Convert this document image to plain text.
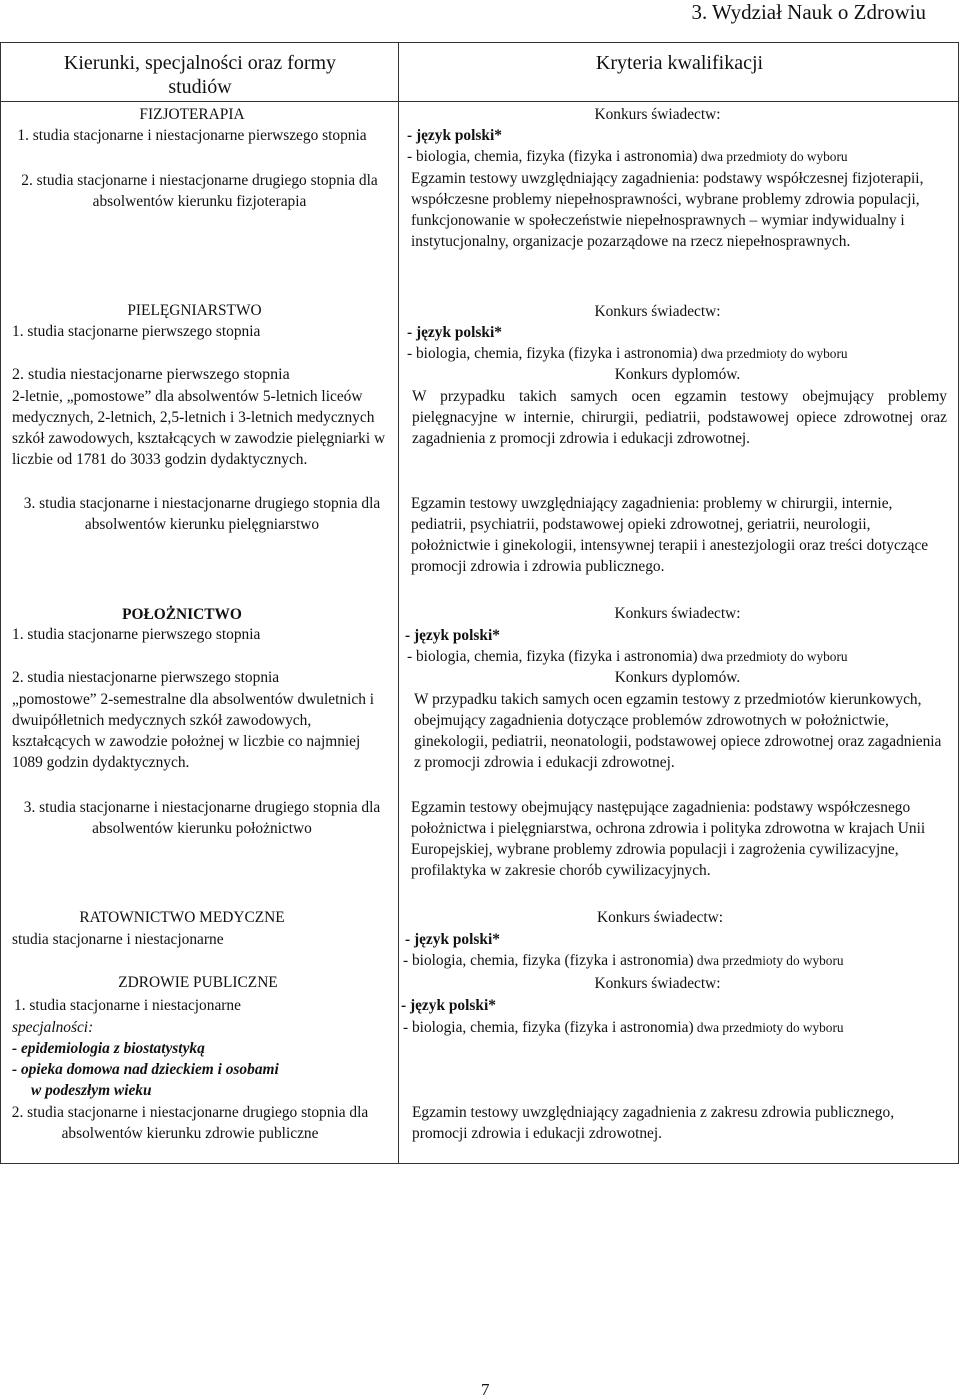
3. Wydział Nauk o Zdrowiu
Kierunki, specjalności oraz formy studiów
Kryteria kwalifikacji
FIZJOTERAPIA
1. studia stacjonarne i niestacjonarne pierwszego stopnia
2. studia stacjonarne i niestacjonarne drugiego stopnia dla absolwentów kierunku fizjoterapia
PIELĘGNIARSTWO
1. studia stacjonarne pierwszego stopnia
2. studia niestacjonarne pierwszego stopnia
2-letnie, „pomostowe” dla absolwentów 5-letnich liceów medycznych, 2-letnich, 2,5-letnich i 3-letnich medycznych szkół zawodowych, kształcących w zawodzie pielęgniarki w liczbie od 1781 do 3033 godzin dydaktycznych.
3. studia stacjonarne i niestacjonarne drugiego stopnia dla absolwentów kierunku pielęgniarstwo
POŁOŻNICTWO
1. studia stacjonarne pierwszego stopnia
2. studia niestacjonarne pierwszego stopnia
„pomostowe” 2-semestralne dla absolwentów dwuletnich i dwuipółletnich medycznych szkół zawodowych, kształcących w zawodzie położnej w liczbie co najmniej 1089 godzin dydaktycznych.
3. studia stacjonarne i niestacjonarne drugiego stopnia dla absolwentów kierunku położnictwo
RATOWNICTWO MEDYCZNE
studia stacjonarne i niestacjonarne
ZDROWIE PUBLICZNE
1. studia stacjonarne i niestacjonarne
specjalności:
- epidemiologia z biostatystyką
- opieka domowa nad dzieckiem i osobami
w podeszłym wieku
2. studia stacjonarne i niestacjonarne drugiego stopnia dla absolwentów kierunku zdrowie publiczne
Konkurs świadectw:
- język polski*
- biologia, chemia, fizyka (fizyka i astronomia) dwa przedmioty do wyboru
Egzamin testowy uwzględniający zagadnienia: podstawy współczesnej fizjoterapii, współczesne problemy niepełnosprawności, wybrane problemy zdrowia populacji, funkcjonowanie w społeczeństwie niepełnosprawnych – wymiar indywidualny i instytucjonalny, organizacje pozarządowe na rzecz niepełnosprawnych.
Konkurs świadectw:
- język polski*
- biologia, chemia, fizyka (fizyka i astronomia) dwa przedmioty do wyboru
Konkurs dyplomów.
W przypadku takich samych ocen egzamin testowy obejmujący problemy pielęgnacyjne w internie, chirurgii, pediatrii, podstawowej opiece zdrowotnej oraz zagadnienia z promocji zdrowia i edukacji zdrowotnej.
Egzamin testowy uwzględniający zagadnienia: problemy w chirurgii, internie, pediatrii, psychiatrii, podstawowej opieki zdrowotnej, geriatrii, neurologii, położnictwie i ginekologii, intensywnej terapii i anestezjologii oraz treści dotyczące promocji zdrowia i zdrowia publicznego.
Konkurs świadectw:
- język polski*
- biologia, chemia, fizyka (fizyka i astronomia) dwa przedmioty do wyboru
Konkurs dyplomów.
W przypadku takich samych ocen egzamin testowy z przedmiotów kierunkowych, obejmujący zagadnienia dotyczące problemów zdrowotnych w położnictwie, ginekologii, pediatrii, neonatologii, podstawowej opiece zdrowotnej oraz zagadnienia z promocji zdrowia i edukacji zdrowotnej.
Egzamin testowy obejmujący następujące zagadnienia: podstawy współczesnego położnictwa i pielęgniarstwa, ochrona zdrowia i polityka zdrowotna w krajach Unii Europejskiej, wybrane problemy zdrowia populacji i zagrożenia cywilizacyjne, profilaktyka w zakresie chorób cywilizacyjnych.
Konkurs świadectw:
- język polski*
- biologia, chemia, fizyka (fizyka i astronomia) dwa przedmioty do wyboru
Konkurs świadectw:
- język polski*
- biologia, chemia, fizyka (fizyka i astronomia) dwa przedmioty do wyboru
Egzamin testowy uwzględniający zagadnienia z zakresu zdrowia publicznego, promocji zdrowia i edukacji zdrowotnej.
7
